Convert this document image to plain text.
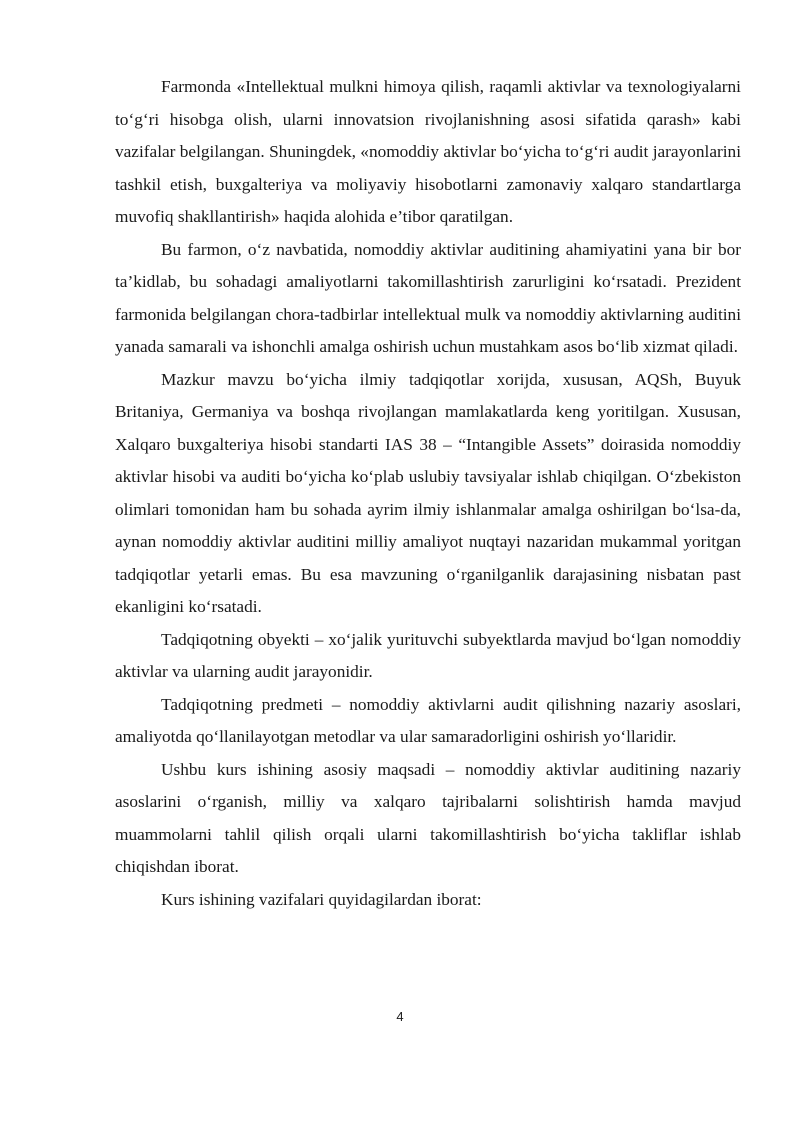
Farmonda «Intellektual mulkni himoya qilish, raqamli aktivlar va texnologiyalarni to‘g‘ri hisobga olish, ularni innovatsion rivojlanishning asosi sifatida qarash» kabi vazifalar belgilangan. Shuningdek, «nomoddiy aktivlar bo‘yicha to‘g‘ri audit jarayonlarini tashkil etish, buxgalteriya va moliyaviy hisobotlarni zamonaviy xalqaro standartlarga muvofiq shakllantirish» haqida alohida e’tibor qaratilgan.

Bu farmon, o‘z navbatida, nomoddiy aktivlar auditining ahamiyatini yana bir bor ta’kidlab, bu sohadagi amaliyotlarni takomillashtirish zarurligini ko‘rsatadi. Prezident farmonida belgilangan chora-tadbirlar intellektual mulk va nomoddiy aktivlarning auditini yanada samarali va ishonchli amalga oshirish uchun mustahkam asos bo‘lib xizmat qiladi.

Mazkur mavzu bo‘yicha ilmiy tadqiqotlar xorijda, xususan, AQSh, Buyuk Britaniya, Germaniya va boshqa rivojlangan mamlakatlarda keng yoritilgan. Xususan, Xalqaro buxgalteriya hisobi standarti IAS 38 – “Intangible Assets” doirasida nomoddiy aktivlar hisobi va auditi bo‘yicha ko‘plab uslubiy tavsiyalar ishlab chiqilgan. O‘zbekiston olimlari tomonidan ham bu sohada ayrim ilmiy ishlanmalar amalga oshirilgan bo‘lsa-da, aynan nomoddiy aktivlar auditini milliy amaliyot nuqtayi nazaridan mukammal yoritgan tadqiqotlar yetarli emas. Bu esa mavzuning o‘rganilganlik darajasining nisbatan past ekanligini ko‘rsatadi.

Tadqiqotning obyekti – xo‘jalik yurituvchi subyektlarda mavjud bo‘lgan nomoddiy aktivlar va ularning audit jarayonidir.

Tadqiqotning predmeti – nomoddiy aktivlarni audit qilishning nazariy asoslari, amaliyotda qo‘llanilayotgan metodlar va ular samaradorligini oshirish yo‘llaridir.

Ushbu kurs ishining asosiy maqsadi – nomoddiy aktivlar auditining nazariy asoslarini o‘rganish, milliy va xalqaro tajribalarni solishtirish hamda mavjud muammolarni tahlil qilish orqali ularni takomillashtirish bo‘yicha takliflar ishlab chiqishdan iborat.

Kurs ishining vazifalari quyidagilardan iborat:

4
